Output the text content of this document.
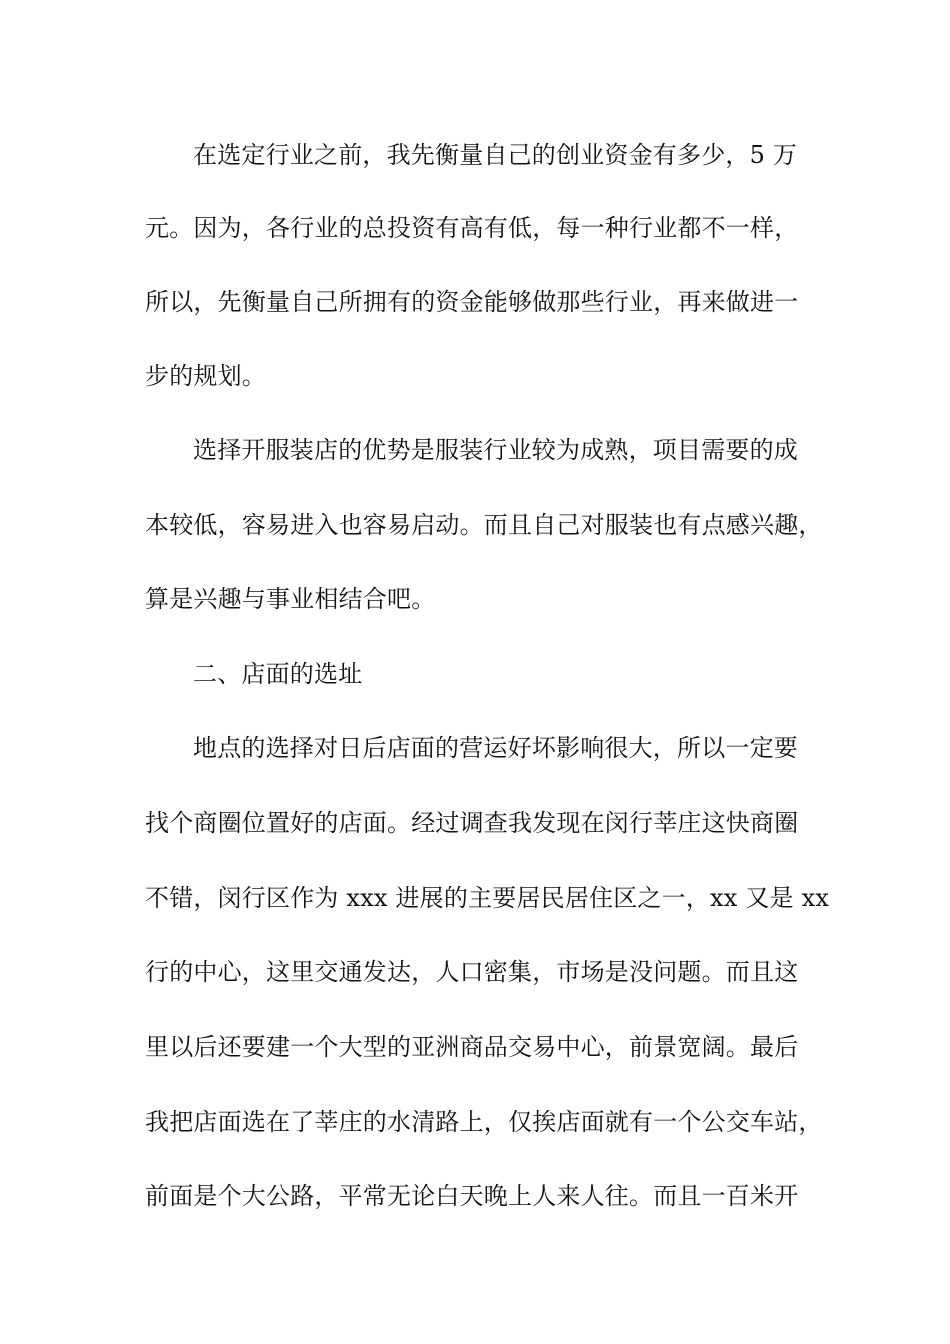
在选定行业之前，我先衡量自己的创业资金有多少，5 万
元。因为，各行业的总投资有高有低，每一种行业都不一样，
所以，先衡量自己所拥有的资金能够做那些行业，再来做进一
步的规划。
选择开服装店的优势是服装行业较为成熟，项目需要的成
本较低，容易进入也容易启动。而且自己对服装也有点感兴趣，
算是兴趣与事业相结合吧。
二、店面的选址
地点的选择对日后店面的营运好坏影响很大，所以一定要
找个商圈位置好的店面。经过调查我发现在闵行莘庄这快商圈
不错，闵行区作为 xxx 进展的主要居民居住区之一，xx 又是 xx
行的中心，这里交通发达，人口密集，市场是没问题。而且这
里以后还要建一个大型的亚洲商品交易中心，前景宽阔。最后
我把店面选在了莘庄的水清路上，仅挨店面就有一个公交车站，
前面是个大公路，平常无论白天晚上人来人往。而且一百米开
